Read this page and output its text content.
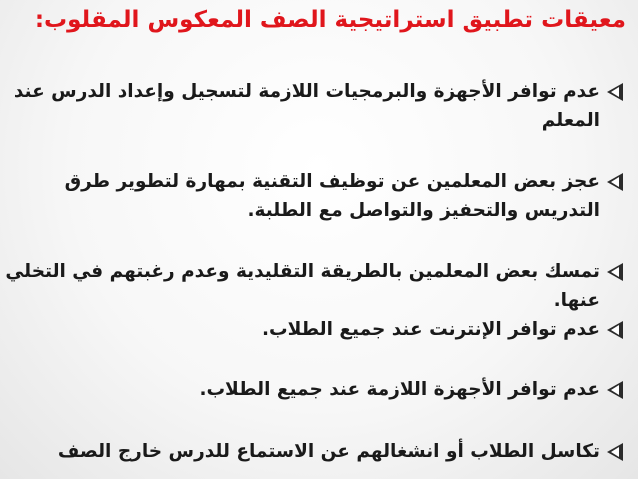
معيقات تطبيق استراتيجية الصف المعكوس المقلوب:
عدم توافر الأجهزة والبرمجيات اللازمة لتسجيل وإعداد الدرس عند المعلم
عجز بعض المعلمين عن توظيف التقنية بمهارة لتطوير طرق التدريس والتحفيز والتواصل مع الطلبة.
تمسك بعض المعلمين بالطريقة التقليدية وعدم رغبتهم في التخلي عنها.
عدم توافر الإنترنت عند جميع الطلاب.
عدم توافر الأجهزة اللازمة عند جميع الطلاب.
تكاسل الطلاب أو انشغالهم عن الاستماع للدرس خارج الصف
